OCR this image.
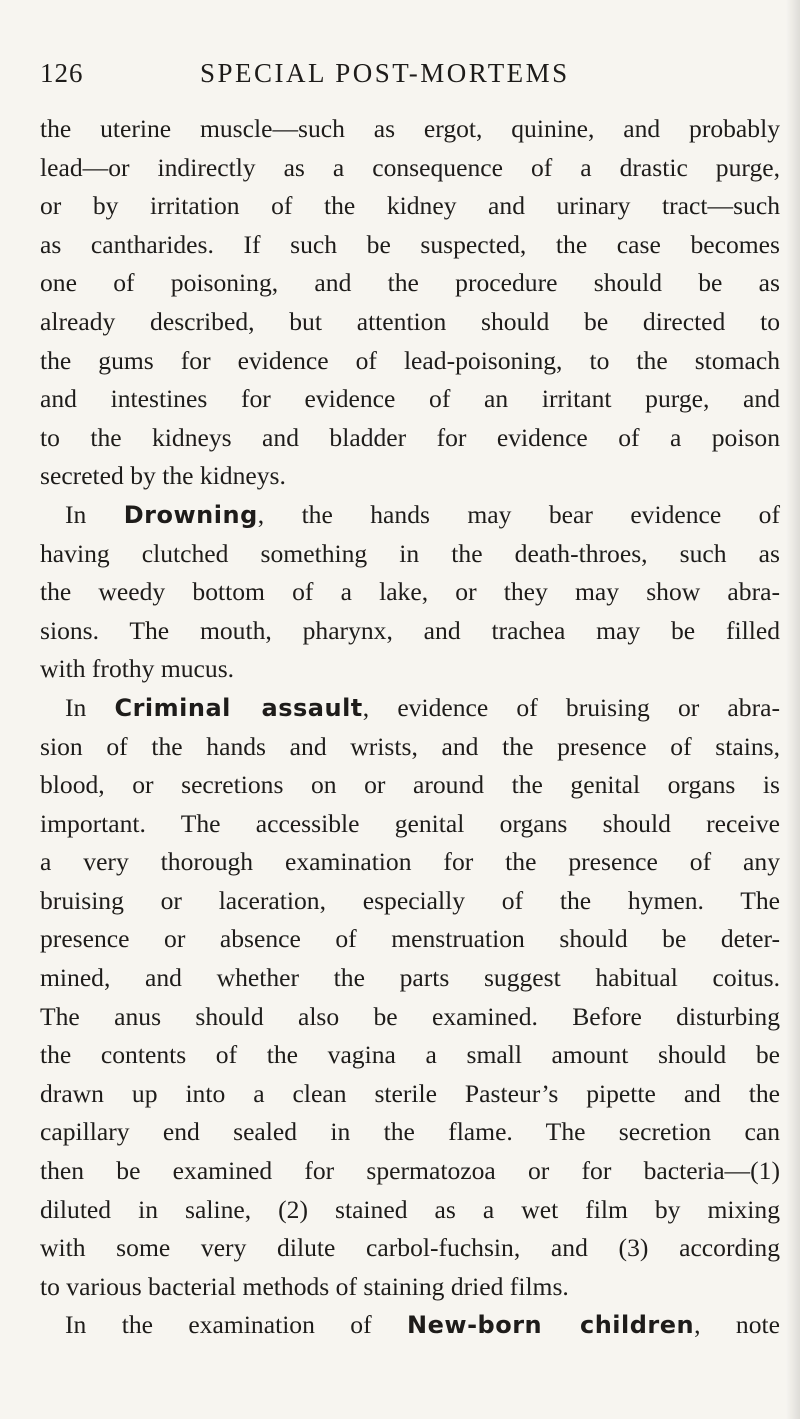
126	SPECIAL POST-MORTEMS
the uterine muscle—such as ergot, quinine, and probably
lead—or indirectly as a consequence of a drastic purge,
or by irritation of the kidney and urinary tract—such
as cantharides. If such be suspected, the case becomes
one of poisoning, and the procedure should be as
already described, but attention should be directed to
the gums for evidence of lead-poisoning, to the stomach
and intestines for evidence of an irritant purge, and
to the kidneys and bladder for evidence of a poison
secreted by the kidneys.
In Drowning, the hands may bear evidence of
having clutched something in the death-throes, such as
the weedy bottom of a lake, or they may show abra-
sions. The mouth, pharynx, and trachea may be filled
with frothy mucus.
In Criminal assault, evidence of bruising or abra-
sion of the hands and wrists, and the presence of stains,
blood, or secretions on or around the genital organs is
important. The accessible genital organs should receive
a very thorough examination for the presence of any
bruising or laceration, especially of the hymen. The
presence or absence of menstruation should be deter-
mined, and whether the parts suggest habitual coitus.
The anus should also be examined. Before disturbing
the contents of the vagina a small amount should be
drawn up into a clean sterile Pasteur’s pipette and the
capillary end sealed in the flame. The secretion can
then be examined for spermatozoa or for bacteria—(1)
diluted in saline, (2) stained as a wet film by mixing
with some very dilute carbol-fuchsin, and (3) according
to various bacterial methods of staining dried films.
In the examination of New-born children, note
